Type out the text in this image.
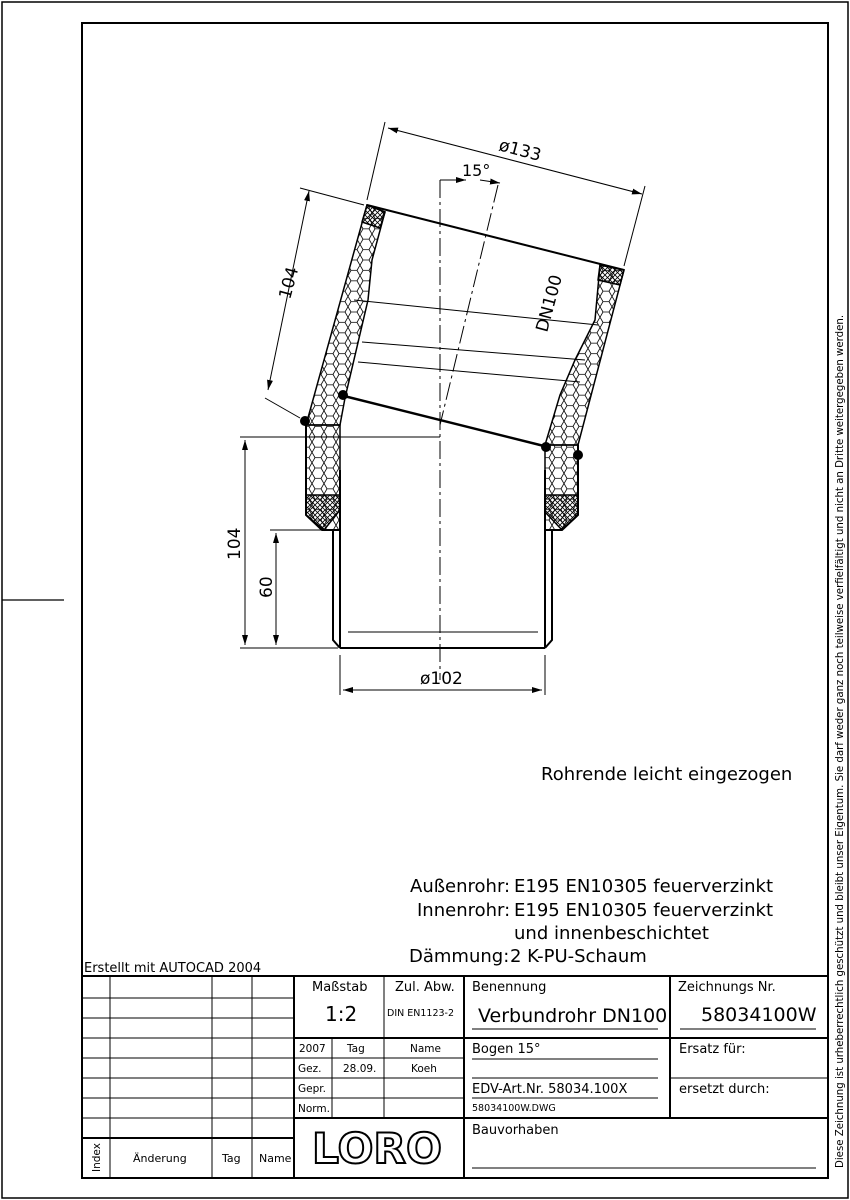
ø133
15°
104	DN100
104
60
ø102
Rohrende leicht eingezogen
Außenrohr: E195 EN10305 feuerverzinkt
Innenrohr: E195 EN10305 feuerverzinkt
und innenbeschichtet
Dämmung: 2 K-PU-Schaum
Erstellt mit AUTOCAD 2004	Diese Zeichnung ist urheberrechtlich geschützt und bleibt unser Eigentum. Sie darf weder ganz noch teilweise verfielfältigt und nicht an Dritte weitergegeben werden.
Maßstab
1:2
Zul. Abw.
DIN EN1123-2
Benennung
Verbundrohr DN100
Zeichnungs Nr.
58034100W
2007 Tag	Name
Gez. 28.09.	Koeh
Gepr.
Norm.
Bogen 15°	Ersatz für:
EDV-Art.Nr. 58034.100X	ersetzt durch:
58034100W.DWG
Bauvorhaben
LORO
Index	Änderung	Tag Name
